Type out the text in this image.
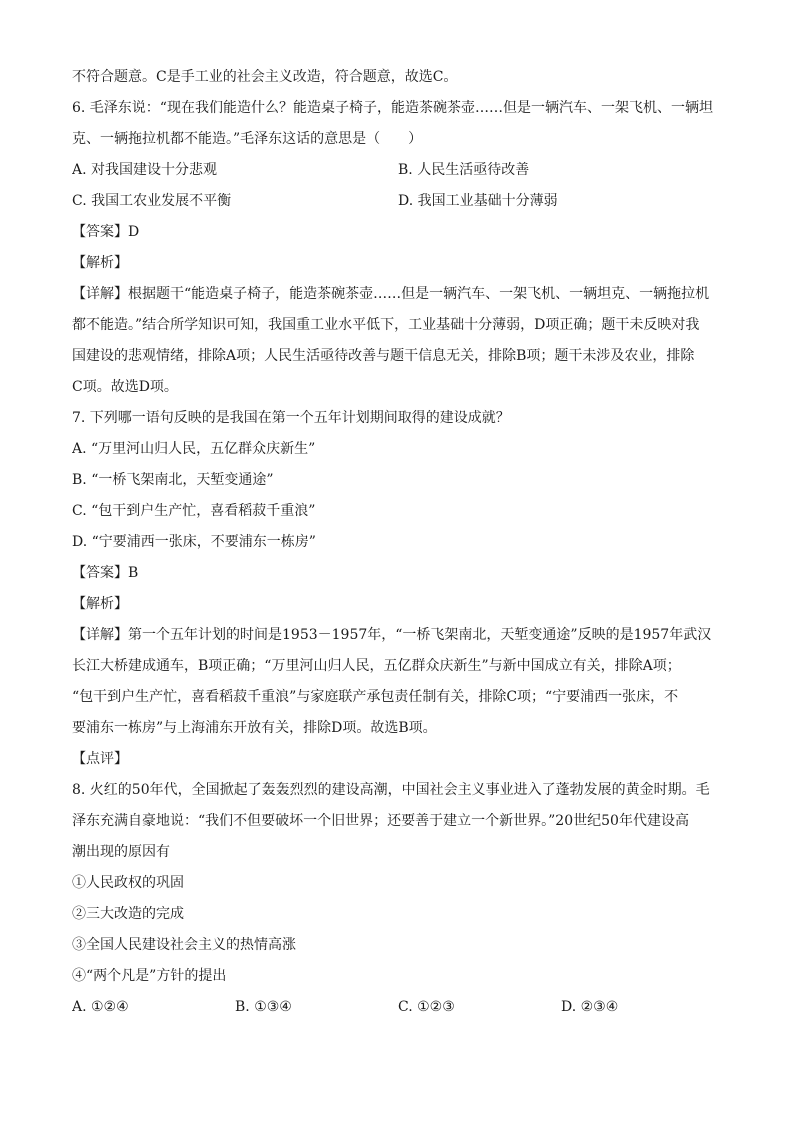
不符合题意。C是手工业的社会主义改造，符合题意，故选C。
6. 毛泽东说：“现在我们能造什么？能造桌子椅子，能造茶碗茶壶……但是一辆汽车、一架飞机、一辆坦
克、一辆拖拉机都不能造。”毛泽东这话的意思是（　　）
A. 对我国建设十分悲观	B. 人民生活亟待改善
C. 我国工农业发展不平衡	D. 我国工业基础十分薄弱
【答案】D
【解析】
【详解】根据题干“能造桌子椅子，能造茶碗茶壶……但是一辆汽车、一架飞机、一辆坦克、一辆拖拉机
都不能造。”结合所学知识可知，我国重工业水平低下，工业基础十分薄弱，D项正确；题干未反映对我
国建设的悲观情绪，排除A项；人民生活亟待改善与题干信息无关，排除B项；题干未涉及农业，排除
C项。故选D项。
7. 下列哪一语句反映的是我国在第一个五年计划期间取得的建设成就？
A. “万里河山归人民，五亿群众庆新生”
B. “一桥飞架南北，天堑变通途”
C. “包干到户生产忙，喜看稻菽千重浪”
D. “宁要浦西一张床，不要浦东一栋房”
【答案】B
【解析】
【详解】第一个五年计划的时间是1953－1957年，“一桥飞架南北，天堑变通途”反映的是1957年武汉
长江大桥建成通车，B项正确；“万里河山归人民，五亿群众庆新生”与新中国成立有关，排除A项；
“包干到户生产忙，喜看稻菽千重浪”与家庭联产承包责任制有关，排除C项；“宁要浦西一张床，不
要浦东一栋房”与上海浦东开放有关，排除D项。故选B项。
【点评】
8. 火红的50年代，全国掀起了轰轰烈烈的建设高潮，中国社会主义事业进入了蓬勃发展的黄金时期。毛
泽东充满自豪地说：“我们不但要破坏一个旧世界；还要善于建立一个新世界。”20世纪50年代建设高
潮出现的原因有
①人民政权的巩固
②三大改造的完成
③全国人民建设社会主义的热情高涨
④“两个凡是”方针的提出
A. ①②④	B. ①③④	C. ①②③	D. ②③④
